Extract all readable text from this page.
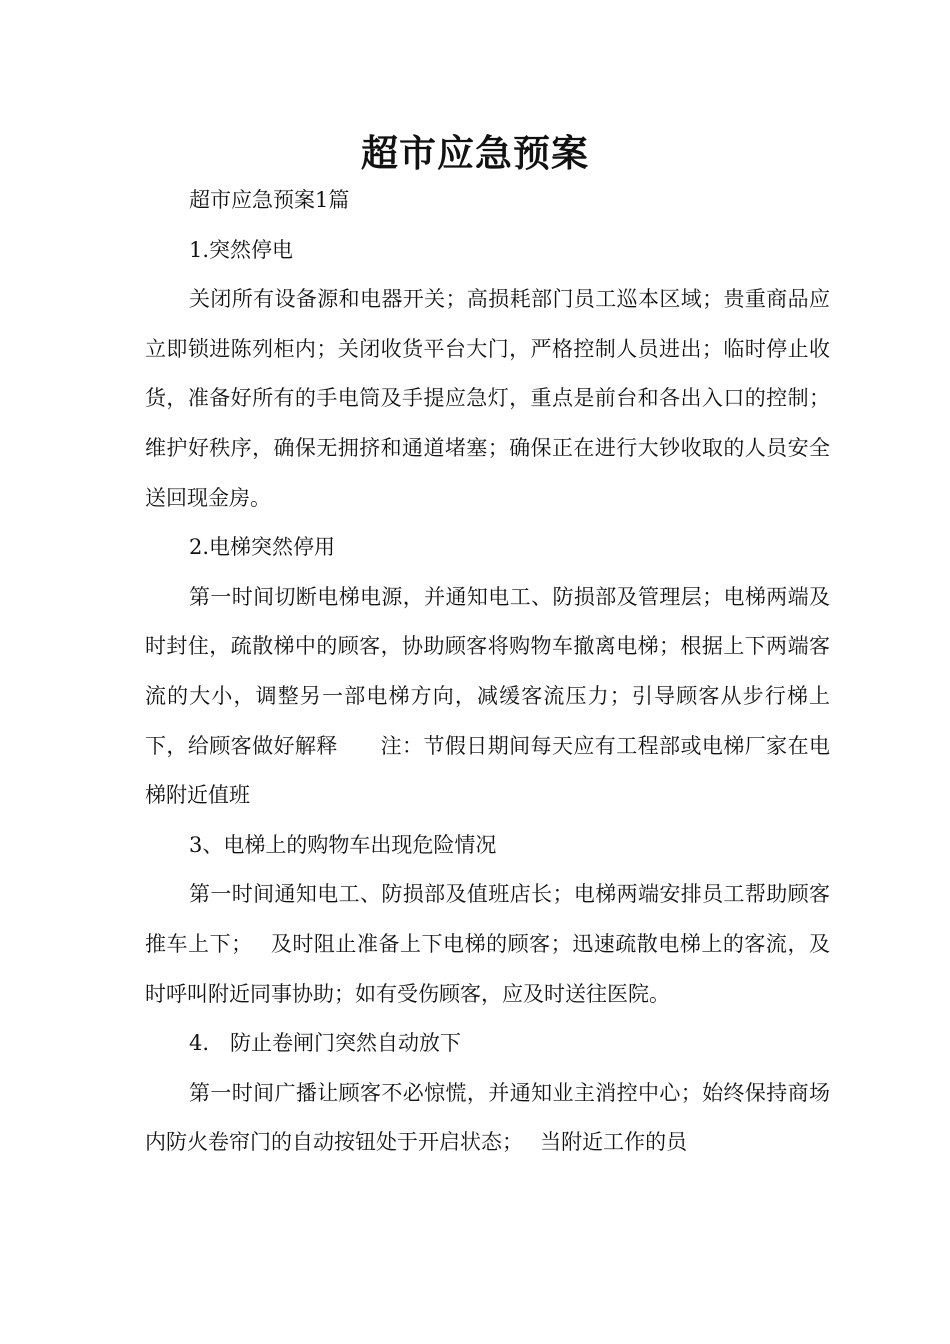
超市应急预案

超市应急预案1篇

1.突然停电

关闭所有设备源和电器开关；高损耗部门员工巡本区域；贵重商品应立即锁进陈列柜内；关闭收货平台大门，严格控制人员进出；临时停止收货，准备好所有的手电筒及手提应急灯，重点是前台和各出入口的控制；维护好秩序，确保无拥挤和通道堵塞；确保正在进行大钞收取的人员安全送回现金房。

2.电梯突然停用

第一时间切断电梯电源，并通知电工、防损部及管理层；电梯两端及时封住，疏散梯中的顾客，协助顾客将购物车撤离电梯；根据上下两端客流的大小，调整另一部电梯方向，减缓客流压力；引导顾客从步行梯上下，给顾客做好解释　　注：节假日期间每天应有工程部或电梯厂家在电梯附近值班

3、电梯上的购物车出现危险情况

第一时间通知电工、防损部及值班店长；电梯两端安排员工帮助顾客推车上下；　 及时阻止准备上下电梯的顾客；迅速疏散电梯上的客流，及时呼叫附近同事协助；如有受伤顾客，应及时送往医院。

4.　防止卷闸门突然自动放下

第一时间广播让顾客不必惊慌，并通知业主消控中心；始终保持商场内防火卷帘门的自动按钮处于开启状态；　 当附近工作的员
